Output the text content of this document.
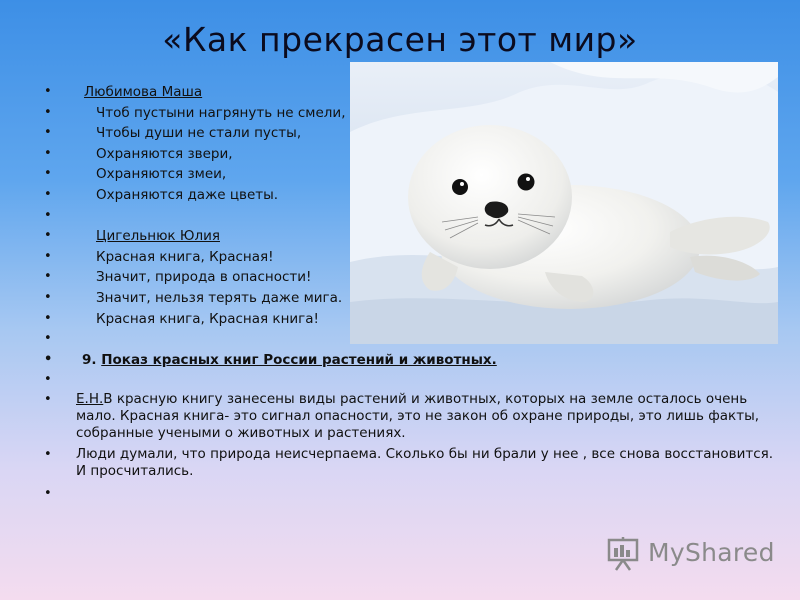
«Как прекрасен этот мир»
• Любимова Маша
• Чтоб пустыни нагрянуть не смели,
• Чтобы души не стали пусты,
• Охраняются звери,
• Охраняются змеи,
• Охраняются даже цветы.
•
• Цигельнюк Юлия
• Красная книга, Красная!
• Значит, природа в опасности!
• Значит, нельзя терять даже мига.
• Красная книга, Красная книга!
•
• 9. Показ красных книг России растений и животных.
•
• Е.Н.В красную книгу занесены виды растений и животных, которых на земле осталось очень мало. Красная книга- это сигнал опасности, это не закон об охране природы, это лишь факты, собранные учеными о животных и растениях.
• Люди думали, что природа неисчерпаема. Сколько бы ни брали у нее , все снова восстановится. И просчитались.
•
MyShared
